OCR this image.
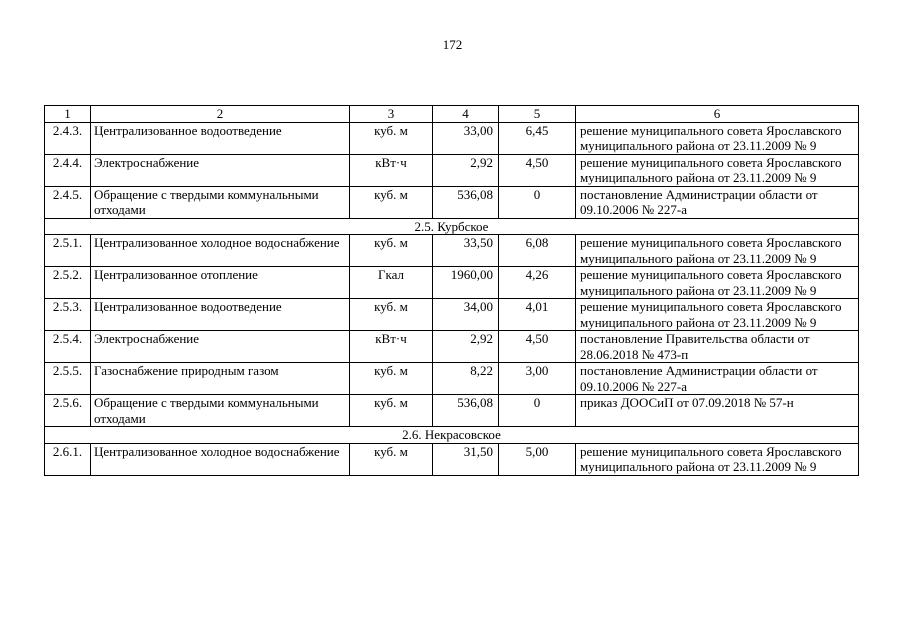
172
1	2	3	4	5	6
2.4.3.	Централизованное водоотведение	куб. м	33,00	6,45	решение муниципального совета Ярославского муниципального района от 23.11.2009 № 9
2.4.4.	Электроснабжение	кВт·ч	2,92	4,50	решение муниципального совета Ярославского муниципального района от 23.11.2009 № 9
2.4.5.	Обращение с твердыми коммунальными отходами	куб. м	536,08	0	постановление Администрации области от 09.10.2006 № 227-а
2.5. Курбское					
2.5.1.	Централизованное холодное водоснабжение	куб. м	33,50	6,08	решение муниципального совета Ярославского муниципального района от 23.11.2009 № 9
2.5.2.	Централизованное отопление	Гкал	1960,00	4,26	решение муниципального совета Ярославского муниципального района от 23.11.2009 № 9
2.5.3.	Централизованное водоотведение	куб. м	34,00	4,01	решение муниципального совета Ярославского муниципального района от 23.11.2009 № 9
2.5.4.	Электроснабжение	кВт·ч	2,92	4,50	постановление Правительства области от 28.06.2018 № 473-п
2.5.5.	Газоснабжение природным газом	куб. м	8,22	3,00	постановление Администрации области от 09.10.2006 № 227-а
2.5.6.	Обращение с твердыми коммунальными отходами	куб. м	536,08	0	приказ ДООСиП от 07.09.2018 № 57-н
2.6. Некрасовское					
2.6.1.	Централизованное холодное водоснабжение	куб. м	31,50	5,00	решение муниципального совета Ярославского муниципального района от 23.11.2009 № 9
